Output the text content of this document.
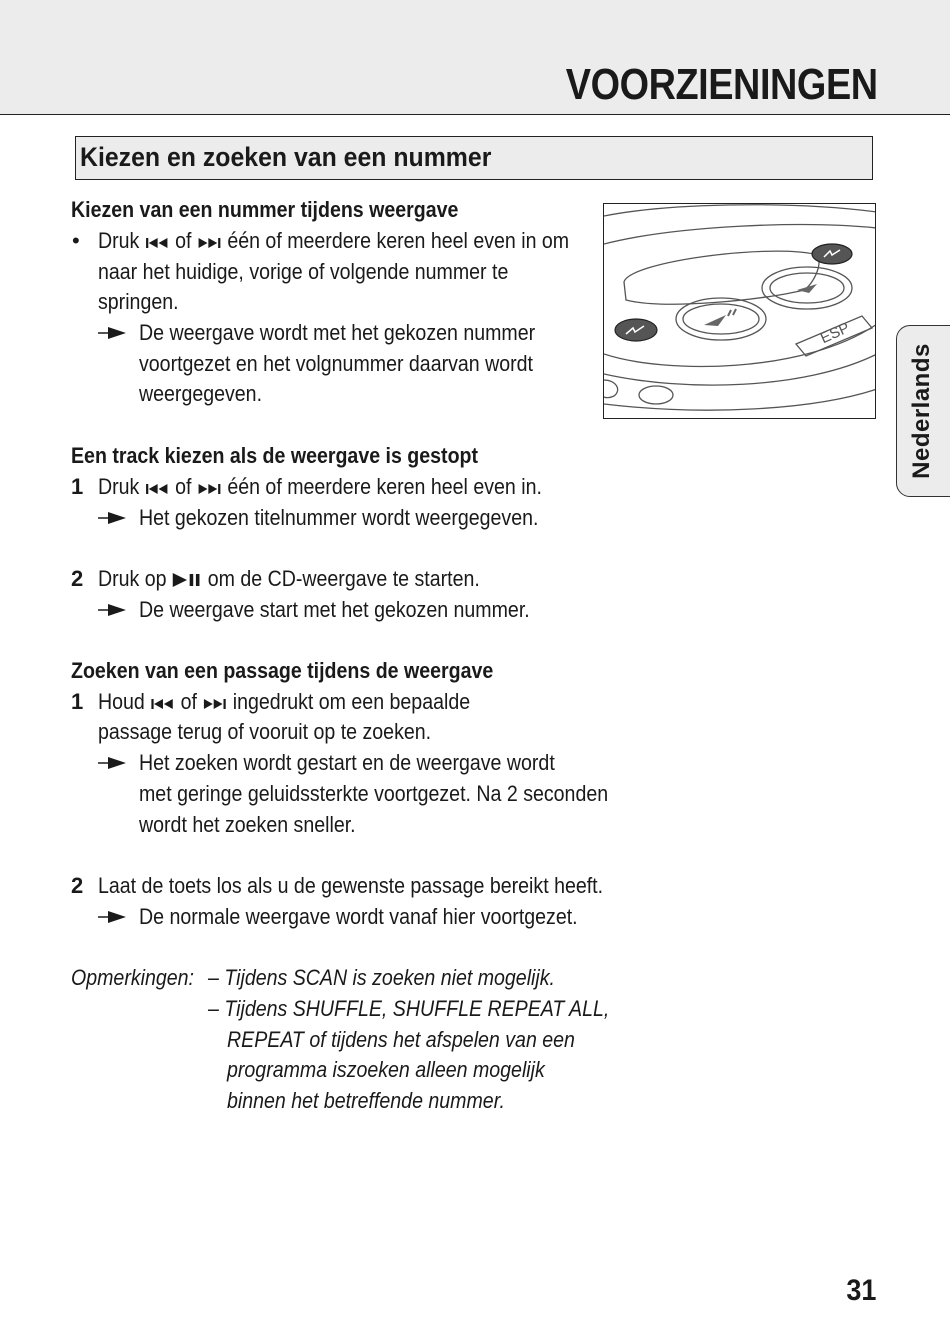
VOORZIENINGEN
Kiezen en zoeken van een nummer
Nederlands
ESP
Kiezen van een nummer tijdens weergave
• Druk of één of meerdere keren heel even in om
naar het huidige, vorige of volgende nummer te
springen.
De weergave wordt met het gekozen nummer
voortgezet en het volgnummer daarvan wordt
weergegeven.
Een track kiezen als de weergave is gestopt
1 Druk of één of meerdere keren heel even in.
Het gekozen titelnummer wordt weergegeven.
2 Druk op om de CD-weergave te starten.
De weergave start met het gekozen nummer.
Zoeken van een passage tijdens de weergave
1 Houd of ingedrukt om een bepaalde
passage terug of vooruit op te zoeken.
Het zoeken wordt gestart en de weergave wordt
met geringe geluidssterkte voortgezet. Na 2 seconden
wordt het zoeken sneller.
2 Laat de toets los als u de gewenste passage bereikt heeft.
De normale weergave wordt vanaf hier voortgezet.
Opmerkingen: – Tijdens SCAN is zoeken niet mogelijk.
– Tijdens SHUFFLE, SHUFFLE REPEAT ALL,
REPEAT of tijdens het afspelen van een
programma iszoeken alleen mogelijk
binnen het betreffende nummer.
31
